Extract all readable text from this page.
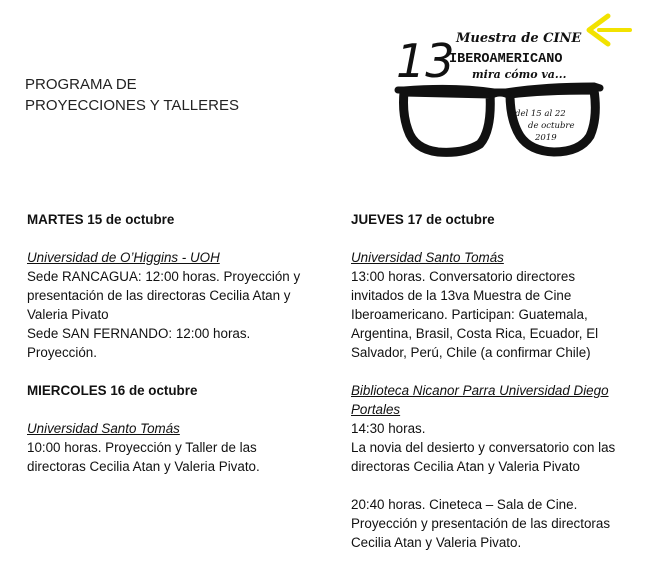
PROGRAMA DE
PROYECCIONES Y TALLERES
13 Muestra de CINE
IBEROAMERICANO
mira cómo va...
del 15 al 22
de octubre
2019

MARTES 15 de octubre

Universidad de O’Higgins - UOH

Sede RANCAGUA: 12:00 horas. Proyección y

presentación de las directoras Cecilia Atan y

Valeria Pivato

Sede SAN FERNANDO: 12:00 horas.

Proyección.

MIERCOLES 16 de octubre

Universidad Santo Tomás

10:00 horas. Proyección y Taller de las

directoras Cecilia Atan y Valeria Pivato.

JUEVES 17 de octubre

Universidad Santo Tomás

13:00 horas. Conversatorio directores

invitados de la 13va Muestra de Cine

Iberoamericano. Participan: Guatemala,

Argentina, Brasil, Costa Rica, Ecuador, El

Salvador, Perú, Chile (a confirmar Chile)

Biblioteca Nicanor Parra Universidad Diego

Portales

14:30 horas.

La novia del desierto y conversatorio con las

directoras Cecilia Atan y Valeria Pivato

20:40 horas. Cineteca – Sala de Cine.

Proyección y presentación de las directoras

Cecilia Atan y Valeria Pivato.
